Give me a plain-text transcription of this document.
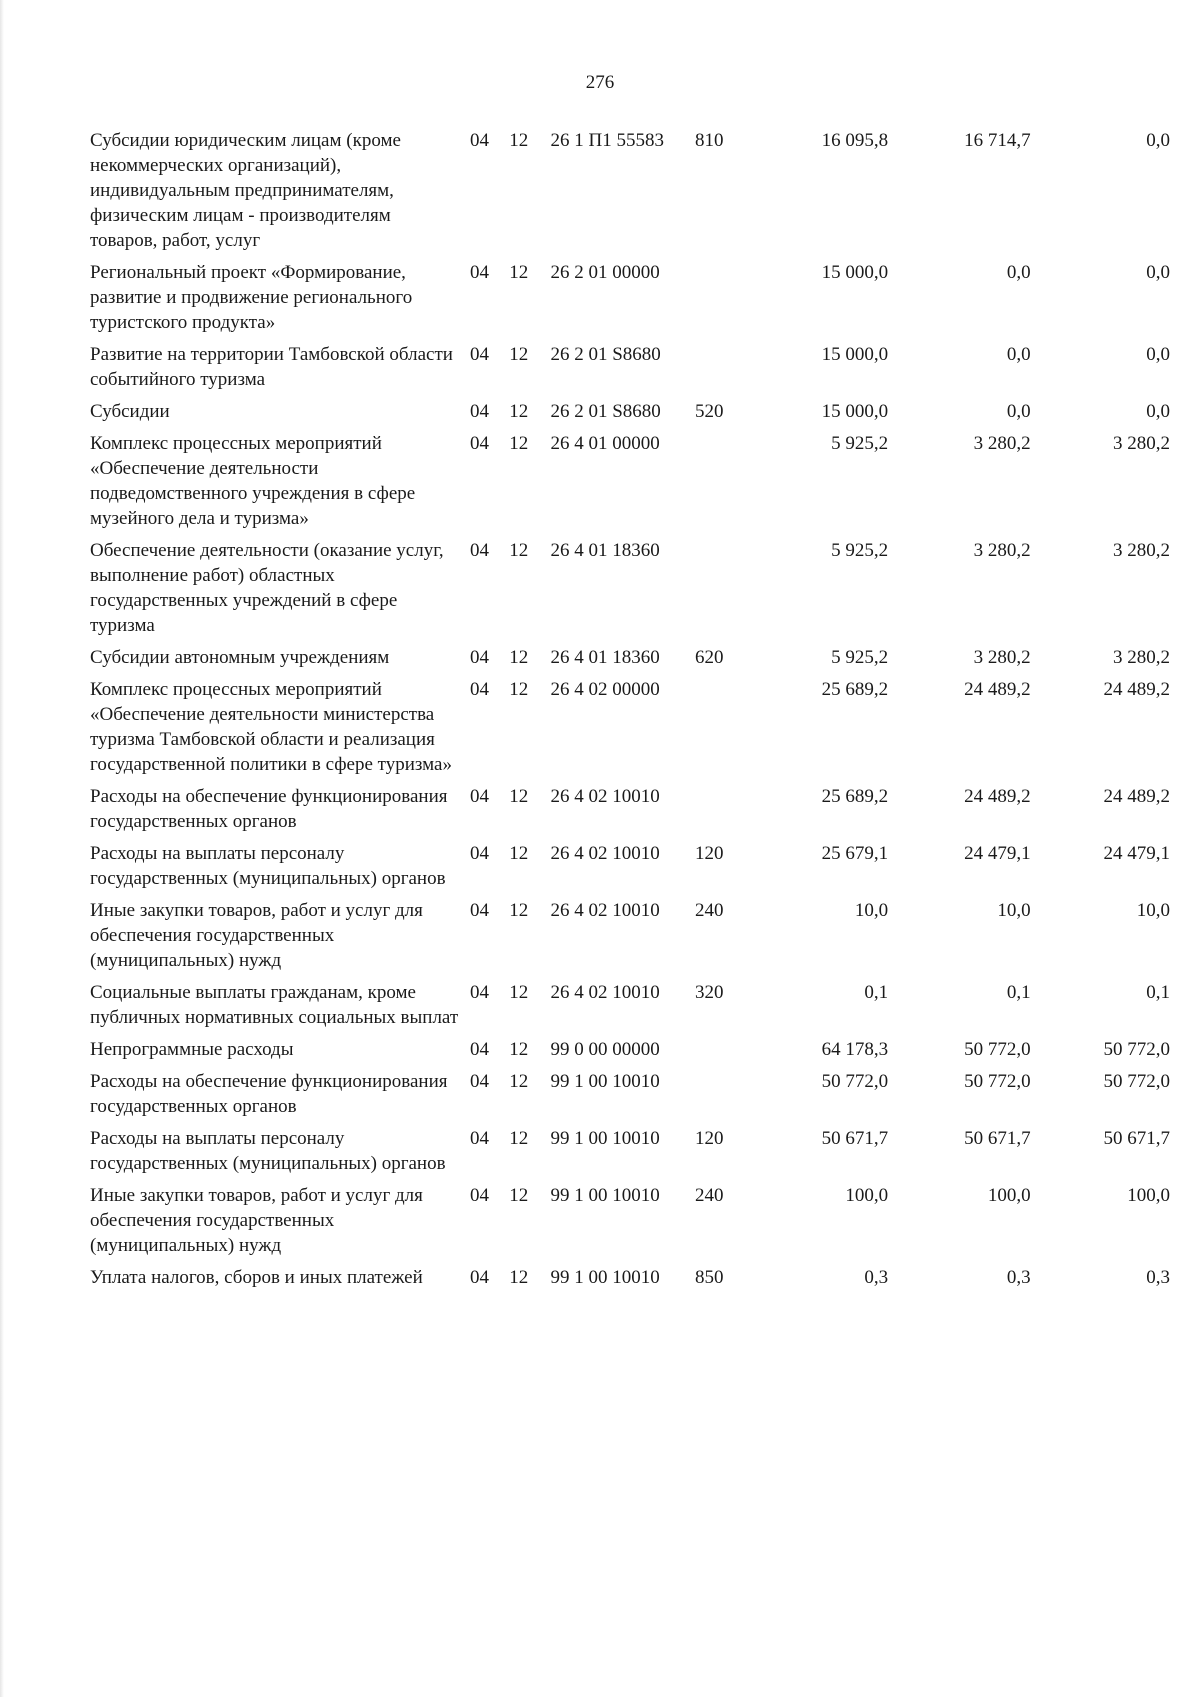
276
Субсидии юридическим лицам (кроме некоммерческих организаций), индивидуальным предпринимателям, физическим лицам - производителям товаров, работ, услуг	04	12	26 1 П1 55583	810	16 095,8	16 714,7	0,0
Региональный проект «Формирование, развитие и продвижение регионального туристского продукта»	04	12	26 2 01 00000		15 000,0	0,0	0,0
Развитие на территории Тамбовской области событийного туризма	04	12	26 2 01 S8680		15 000,0	0,0	0,0
Субсидии	04	12	26 2 01 S8680	520	15 000,0	0,0	0,0
Комплекс процессных мероприятий «Обеспечение деятельности подведомственного учреждения в сфере музейного дела и туризма»	04	12	26 4 01 00000		5 925,2	3 280,2	3 280,2
Обеспечение деятельности (оказание услуг, выполнение работ) областных государственных учреждений в сфере туризма	04	12	26 4 01 18360		5 925,2	3 280,2	3 280,2
Субсидии автономным учреждениям	04	12	26 4 01 18360	620	5 925,2	3 280,2	3 280,2
Комплекс процессных мероприятий «Обеспечение деятельности министерства туризма Тамбовской области и реализация государственной политики в сфере туризма»	04	12	26 4 02 00000		25 689,2	24 489,2	24 489,2
Расходы на обеспечение функционирования государственных органов	04	12	26 4 02 10010		25 689,2	24 489,2	24 489,2
Расходы на выплаты персоналу государственных (муниципальных) органов	04	12	26 4 02 10010	120	25 679,1	24 479,1	24 479,1
Иные закупки товаров, работ и услуг для обеспечения государственных (муниципальных) нужд	04	12	26 4 02 10010	240	10,0	10,0	10,0
Социальные выплаты гражданам, кроме публичных нормативных социальных выплат	04	12	26 4 02 10010	320	0,1	0,1	0,1
Непрограммные расходы	04	12	99 0 00 00000		64 178,3	50 772,0	50 772,0
Расходы на обеспечение функционирования государственных органов	04	12	99 1 00 10010		50 772,0	50 772,0	50 772,0
Расходы на выплаты персоналу государственных (муниципальных) органов	04	12	99 1 00 10010	120	50 671,7	50 671,7	50 671,7
Иные закупки товаров, работ и услуг для обеспечения государственных (муниципальных) нужд	04	12	99 1 00 10010	240	100,0	100,0	100,0
Уплата налогов, сборов и иных платежей	04	12	99 1 00 10010	850	0,3	0,3	0,3
